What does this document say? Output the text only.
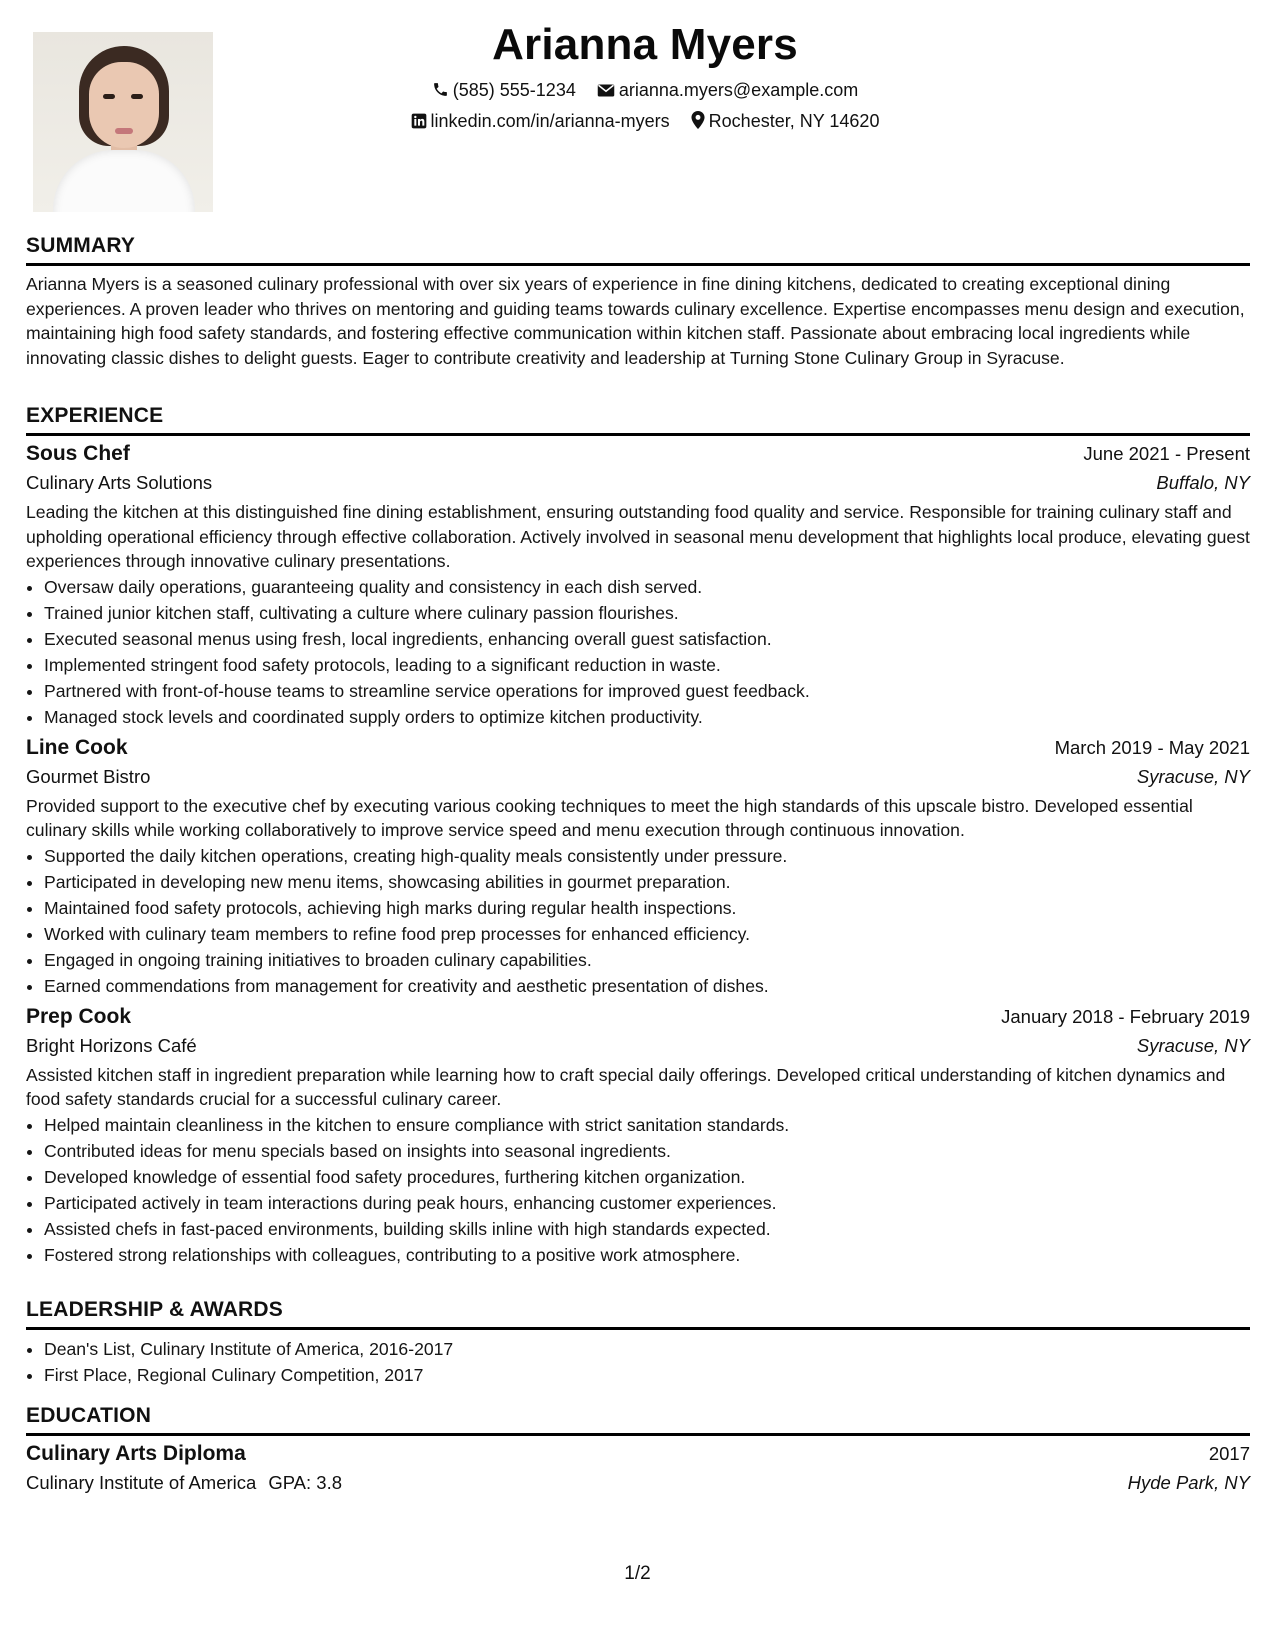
Arianna Myers
(585) 555-1234 arianna.myers@example.com
linkedin.com/in/arianna-myers Rochester, NY 14620
SUMMARY

Arianna Myers is a seasoned culinary professional with over six years of experience in fine dining kitchens, dedicated to creating exceptional dining experiences. A proven leader who thrives on mentoring and guiding teams towards culinary excellence. Expertise encompasses menu design and execution, maintaining high food safety standards, and fostering effective communication within kitchen staff. Passionate about embracing local ingredients while innovating classic dishes to delight guests. Eager to contribute creativity and leadership at Turning Stone Culinary Group in Syracuse.

EXPERIENCE
Sous Chef	June 2021 - Present
Culinary Arts Solutions	Buffalo, NY

Leading the kitchen at this distinguished fine dining establishment, ensuring outstanding food quality and service. Responsible for training culinary staff and upholding operational efficiency through effective collaboration. Actively involved in seasonal menu development that highlights local produce, elevating guest experiences through innovative culinary presentations.

• Oversaw daily operations, guaranteeing quality and consistency in each dish served.
• Trained junior kitchen staff, cultivating a culture where culinary passion flourishes.
• Executed seasonal menus using fresh, local ingredients, enhancing overall guest satisfaction.
• Implemented stringent food safety protocols, leading to a significant reduction in waste.
• Partnered with front-of-house teams to streamline service operations for improved guest feedback.
• Managed stock levels and coordinated supply orders to optimize kitchen productivity.
Line Cook	March 2019 - May 2021
Gourmet Bistro	Syracuse, NY

Provided support to the executive chef by executing various cooking techniques to meet the high standards of this upscale bistro. Developed essential culinary skills while working collaboratively to improve service speed and menu execution through continuous innovation.

• Supported the daily kitchen operations, creating high-quality meals consistently under pressure.
• Participated in developing new menu items, showcasing abilities in gourmet preparation.
• Maintained food safety protocols, achieving high marks during regular health inspections.
• Worked with culinary team members to refine food prep processes for enhanced efficiency.
• Engaged in ongoing training initiatives to broaden culinary capabilities.
• Earned commendations from management for creativity and aesthetic presentation of dishes.
Prep Cook	January 2018 - February 2019
Bright Horizons Café	Syracuse, NY

Assisted kitchen staff in ingredient preparation while learning how to craft special daily offerings. Developed critical understanding of kitchen dynamics and food safety standards crucial for a successful culinary career.

• Helped maintain cleanliness in the kitchen to ensure compliance with strict sanitation standards.
• Contributed ideas for menu specials based on insights into seasonal ingredients.
• Developed knowledge of essential food safety procedures, furthering kitchen organization.
• Participated actively in team interactions during peak hours, enhancing customer experiences.
• Assisted chefs in fast-paced environments, building skills inline with high standards expected.
• Fostered strong relationships with colleagues, contributing to a positive work atmosphere.
LEADERSHIP & AWARDS
• Dean's List, Culinary Institute of America, 2016-2017
• First Place, Regional Culinary Competition, 2017
EDUCATION
Culinary Arts Diploma	2017
Culinary Institute of America GPA: 3.8	Hyde Park, NY
1/2
